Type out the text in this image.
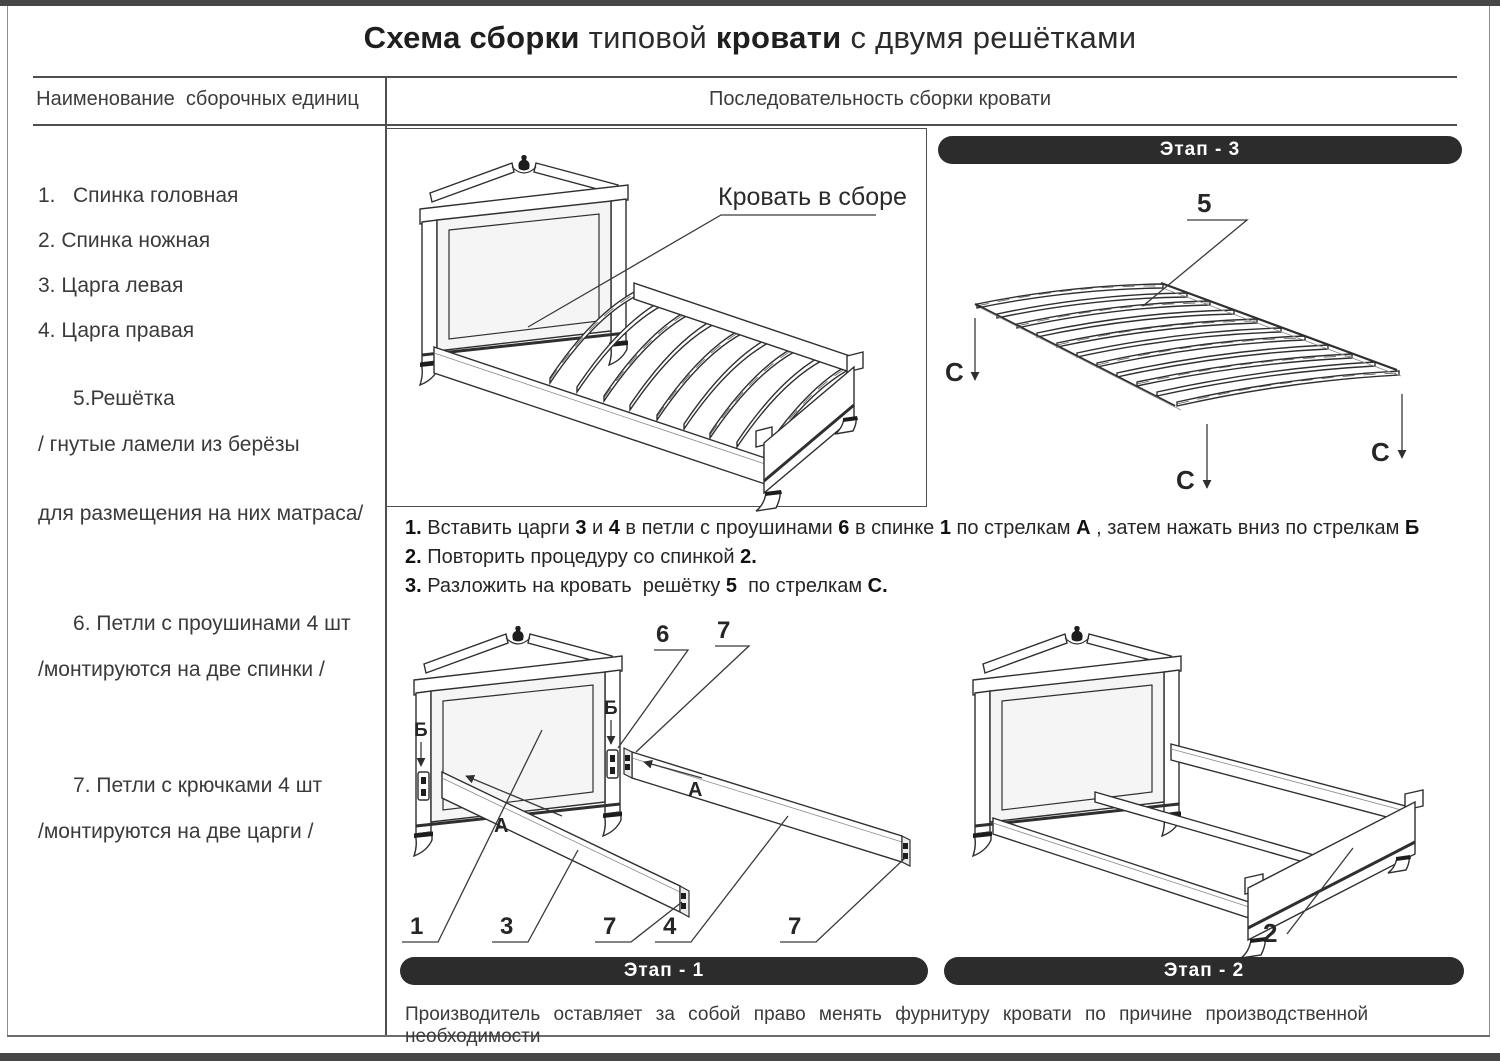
Схема сборки типовой кровати с двумя решётками
Наименование  сборочных единиц	Последовательность сборки кровати
1.   Спинка головная
2. Спинка ножная
3. Царга левая
4. Царга правая

5.Решётка

/ гнутые ламели из берёзы

для размещения на них матраса/

6. Петли с проушинами 4 шт

/монтируются на две спинки /

7. Петли с крючками 4 шт

/монтируются на две царги /

Кровать в сборе
Этап - 3
5
С
С
С
1. Вставить царги 3 и 4 в петли с проушинами 6 в спинке 1 по стрелкам А , затем нажать вниз по стрелкам Б
2. Повторить процедуру со спинкой 2.
3. Разложить на кровать  решётку 5  по стрелкам С.
Б
Б
А
А
6 7
1	3	7 4	7	2
Этап - 1	Этап - 2
Производитель оставляет за собой право менять фурнитуру кровати по причине производственной необходимости
